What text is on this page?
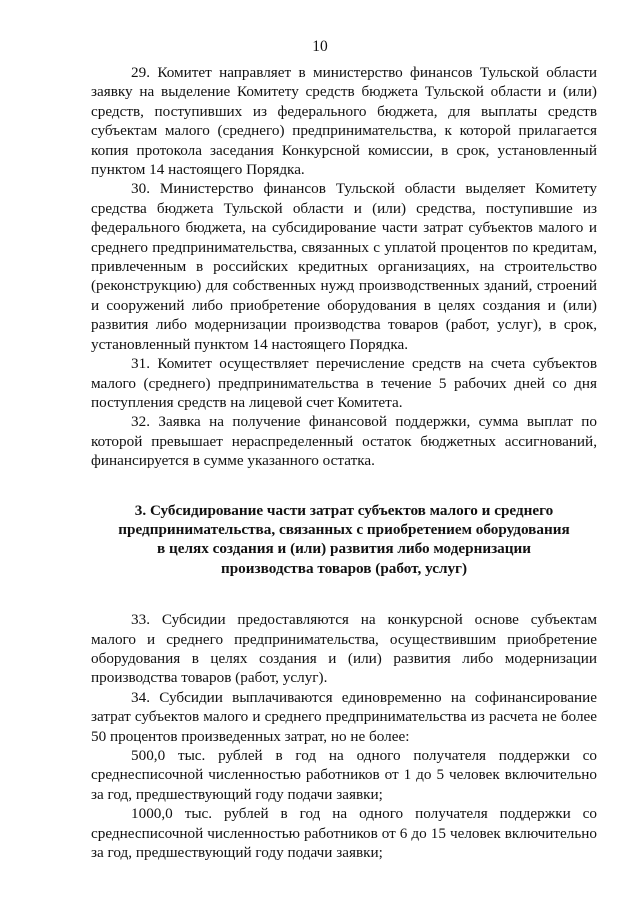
10

29. Комитет направляет в министерство финансов Тульской области заявку на выделение Комитету средств бюджета Тульской области и (или) средств, поступивших из федерального бюджета, для выплаты средств субъектам малого (среднего) предпринимательства, к которой прилагается копия протокола заседания Конкурсной комиссии, в срок, установленный пунктом 14 настоящего Порядка.

30. Министерство финансов Тульской области выделяет Комитету средства бюджета Тульской области и (или) средства, поступившие из федерального бюджета, на субсидирование части затрат субъектов малого и среднего предпринимательства, связанных с уплатой процентов по кредитам, привлеченным в российских кредитных организациях, на строительство (реконструкцию) для собственных нужд производственных зданий, строений и сооружений либо приобретение оборудования в целях создания и (или) развития либо модернизации производства товаров (работ, услуг), в срок, установленный пунктом 14 настоящего Порядка.

31. Комитет осуществляет перечисление средств на счета субъектов малого (среднего) предпринимательства в течение 5 рабочих дней со дня поступления средств на лицевой счет Комитета.

32. Заявка на получение финансовой поддержки, сумма выплат по которой превышает нераспределенный остаток бюджетных ассигнований, финансируется в сумме указанного остатка.

3. Субсидирование части затрат субъектов малого и среднего
предпринимательства, связанных с приобретением оборудования
в целях создания и (или) развития либо модернизации
производства товаров (работ, услуг)

33. Субсидии предоставляются на конкурсной основе субъектам малого и среднего предпринимательства, осуществившим приобретение оборудования в целях создания и (или) развития либо модернизации производства товаров (работ, услуг).

34. Субсидии выплачиваются единовременно на софинансирование затрат субъектов малого и среднего предпринимательства из расчета не более 50 процентов произведенных затрат, но не более:

500,0 тыс. рублей в год на одного получателя поддержки со среднесписочной численностью работников от 1 до 5 человек включительно за год, предшествующий году подачи заявки;

1000,0 тыс. рублей в год на одного получателя поддержки со среднесписочной численностью работников от 6 до 15 человек включительно за год, предшествующий году подачи заявки;
